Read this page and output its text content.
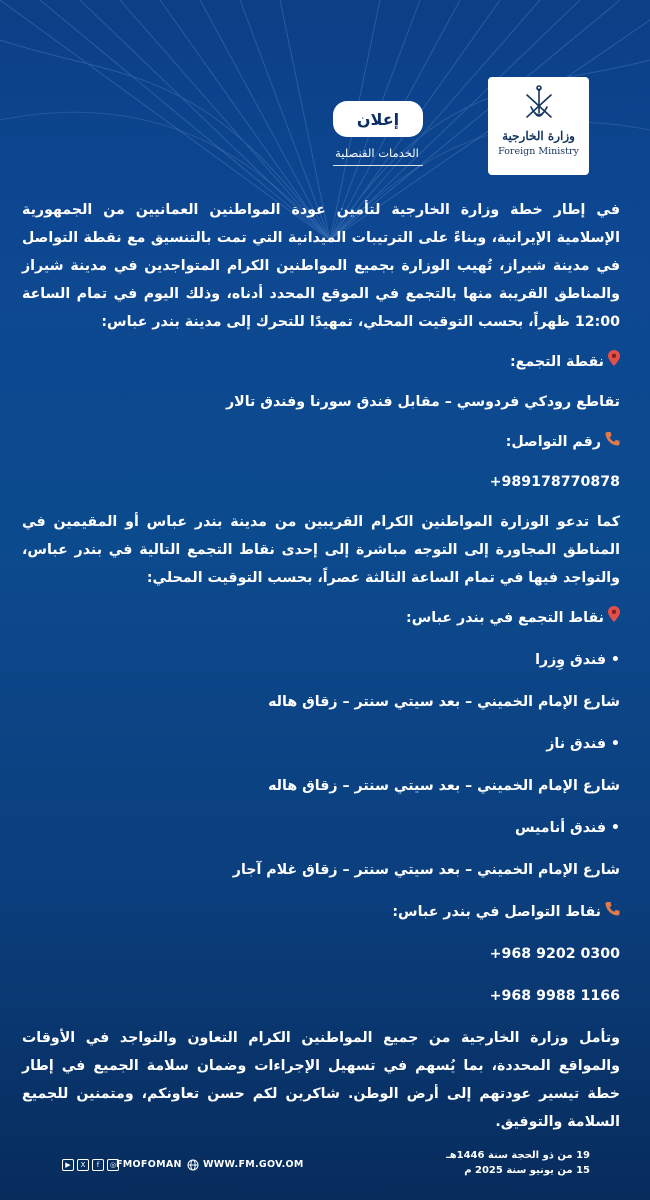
وزارة الخارجية
Foreign Ministry
إعلان
الخدمات القنصلية

في إطار خطة وزارة الخارجية لتأمين عودة المواطنين العمانيين من الجمهورية الإسلامية الإيرانية، وبناءً على الترتيبات الميدانية التي تمت بالتنسيق مع نقطة التواصل في مدينة شيراز، تُهيب الوزارة بجميع المواطنين الكرام المتواجدين في مدينة شيراز والمناطق القريبة منها بالتجمع في الموقع المحدد أدناه، وذلك اليوم في تمام الساعة 12:00 ظهراً، بحسب التوقيت المحلي، تمهيدًا للتحرك إلى مدينة بندر عباس:

نقطة التجمع:

تقاطع رودكي فردوسي – مقابل فندق سورنا وفندق تالار

رقم التواصل:

+989178770878

كما تدعو الوزارة المواطنين الكرام القريبين من مدينة بندر عباس أو المقيمين في المناطق المجاورة إلى التوجه مباشرة إلى إحدى نقاط التجمع التالية في بندر عباس، والتواجد فيها في تمام الساعة الثالثة عصراً، بحسب التوقيت المحلي:

نقاط التجمع في بندر عباس:

• فندق وِزرا

شارع الإمام الخميني – بعد سيتي سنتر – زقاق هاله

• فندق ناز

شارع الإمام الخميني – بعد سيتي سنتر – زقاق هاله

• فندق أناميس

شارع الإمام الخميني – بعد سيتي سنتر – زقاق غلام آجار

نقاط التواصل في بندر عباس:

+968 9202 0300

+968 9988 1166

وتأمل وزارة الخارجية من جميع المواطنين الكرام التعاون والتواجد في الأوقات والمواقع المحددة، بما يُسهم في تسهيل الإجراءات وضمان سلامة الجميع في إطار خطة تيسير عودتهم إلى أرض الوطن. شاكرين لكم حسن تعاونكم، ومتمنين للجميع السلامة والتوفيق.

▶	X	f	◎ FMOFOMAN WWW.FM.GOV.OM
19 من ذو الحجة سنة 1446هـ
15 من يونيو سنة 2025 م
